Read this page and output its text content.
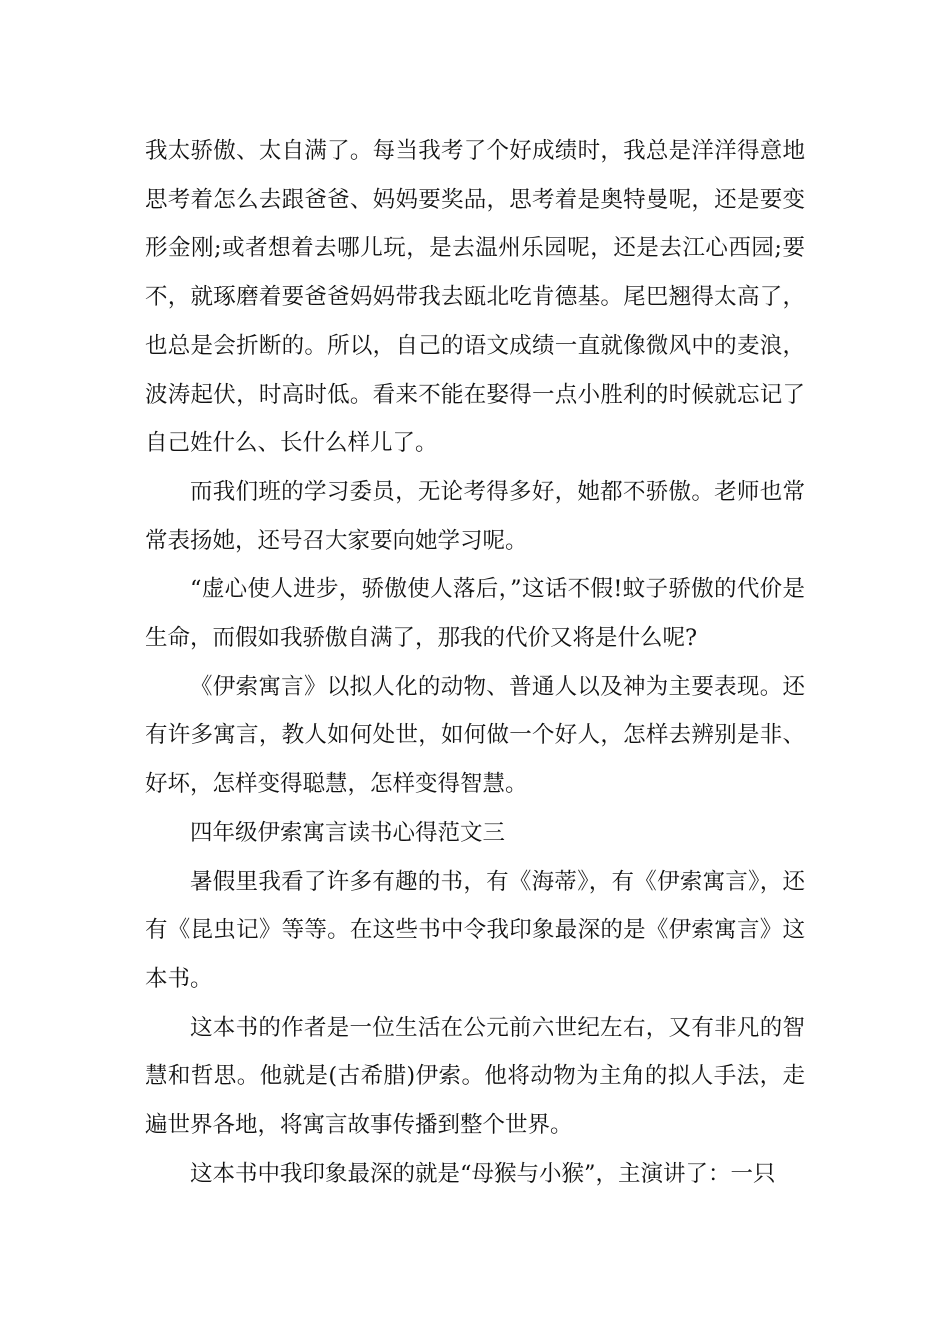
我太骄傲、太自满了。每当我考了个好成绩时，我总是洋洋得意地思考着怎么去跟爸爸、妈妈要奖品，思考着是奥特曼呢，还是要变形金刚;或者想着去哪儿玩，是去温州乐园呢，还是去江心西园;要不，就琢磨着要爸爸妈妈带我去瓯北吃肯德基。尾巴翘得太高了，也总是会折断的。所以，自己的语文成绩一直就像微风中的麦浪，波涛起伏，时高时低。看来不能在娶得一点小胜利的时候就忘记了自己姓什么、长什么样儿了。

而我们班的学习委员，无论考得多好，她都不骄傲。老师也常常表扬她，还号召大家要向她学习呢。

“虚心使人进步，骄傲使人落后，”这话不假!蚊子骄傲的代价是生命，而假如我骄傲自满了，那我的代价又将是什么呢?

《伊索寓言》以拟人化的动物、普通人以及神为主要表现。还有许多寓言，教人如何处世，如何做一个好人，怎样去辨别是非、好坏，怎样变得聪慧，怎样变得智慧。

四年级伊索寓言读书心得范文三

暑假里我看了许多有趣的书，有《海蒂》，有《伊索寓言》，还有《昆虫记》等等。在这些书中令我印象最深的是《伊索寓言》这本书。

这本书的作者是一位生活在公元前六世纪左右，又有非凡的智慧和哲思。他就是(古希腊)伊索。他将动物为主角的拟人手法，走遍世界各地，将寓言故事传播到整个世界。

这本书中我印象最深的就是“母猴与小猴”，主演讲了：一只
